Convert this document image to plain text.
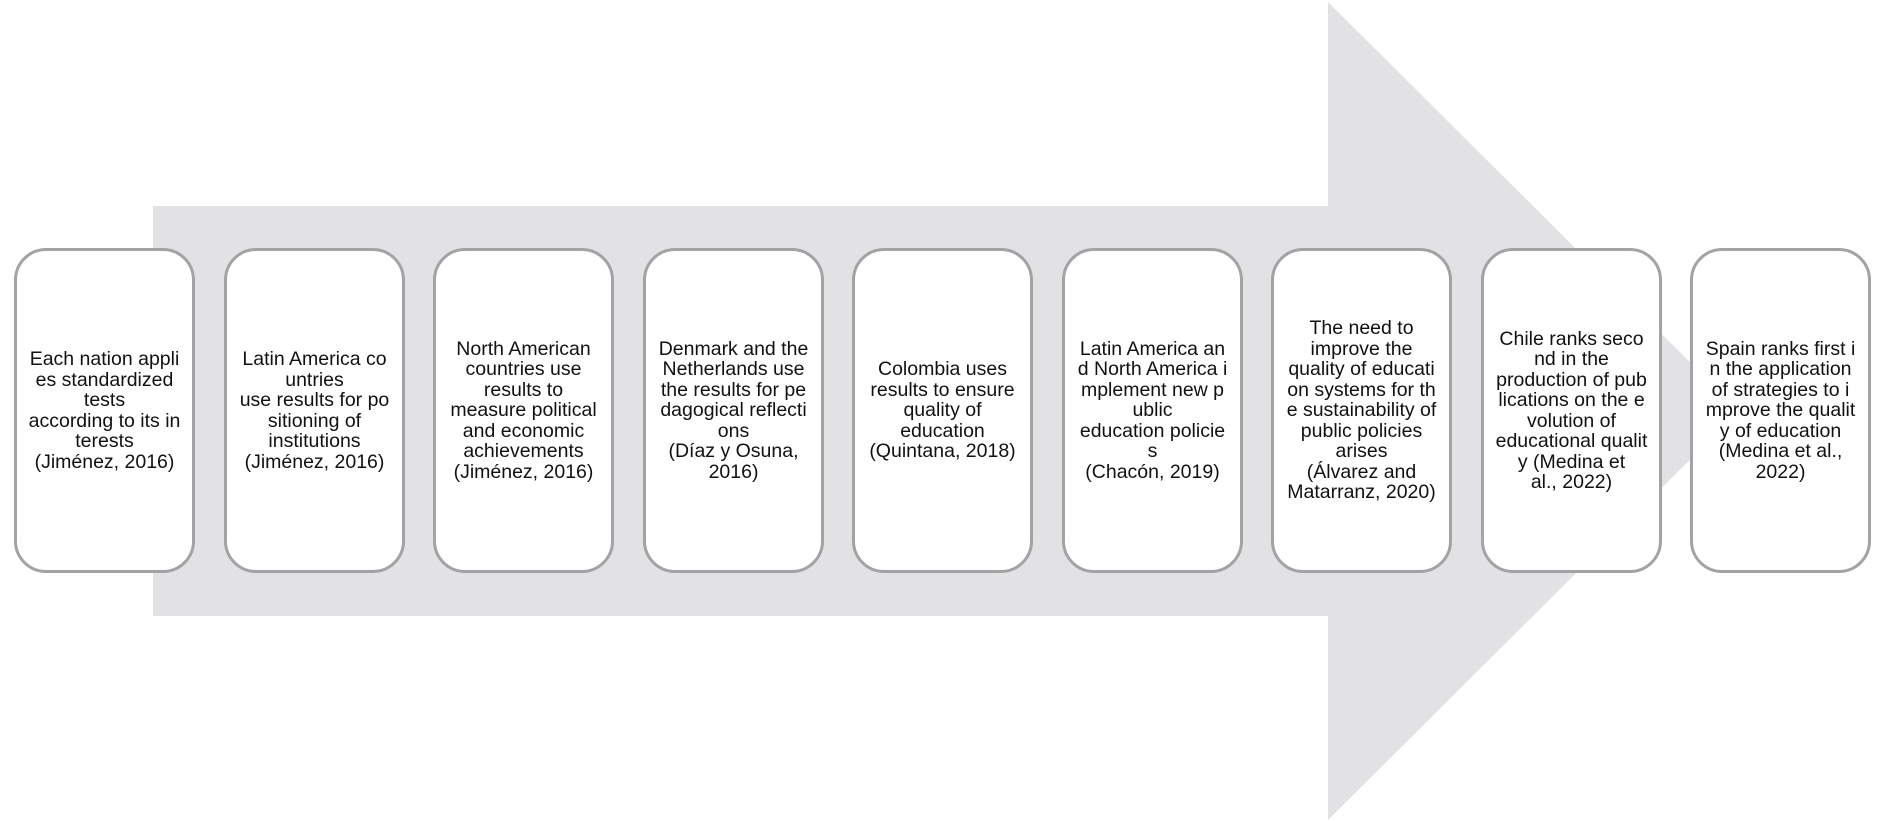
Each nation appli
es standardized
tests
according to its in
terests
(Jiménez, 2016)
Latin America co
untries
use results for po
sitioning of
institutions
(Jiménez, 2016)
North American
countries use
results to
measure political
and economic
achievements
(Jiménez, 2016)
Denmark and the
Netherlands use
the results for pe
dagogical reflecti
ons
(Díaz y Osuna,
2016)
Colombia uses
results to ensure
quality of
education
(Quintana, 2018)
Latin America an
d North America i
mplement new p
ublic
education policie
s
(Chacón, 2019)
The need to
improve the
quality of educati
on systems for th
e sustainability of
public policies
arises
(Álvarez and
Matarranz, 2020)
Chile ranks seco
nd in the
production of pub
lications on the e
volution of
educational qualit
y (Medina et
al., 2022)
Spain ranks first i
n the application
of strategies to i
mprove the qualit
y of education
(Medina et al.,
2022)
